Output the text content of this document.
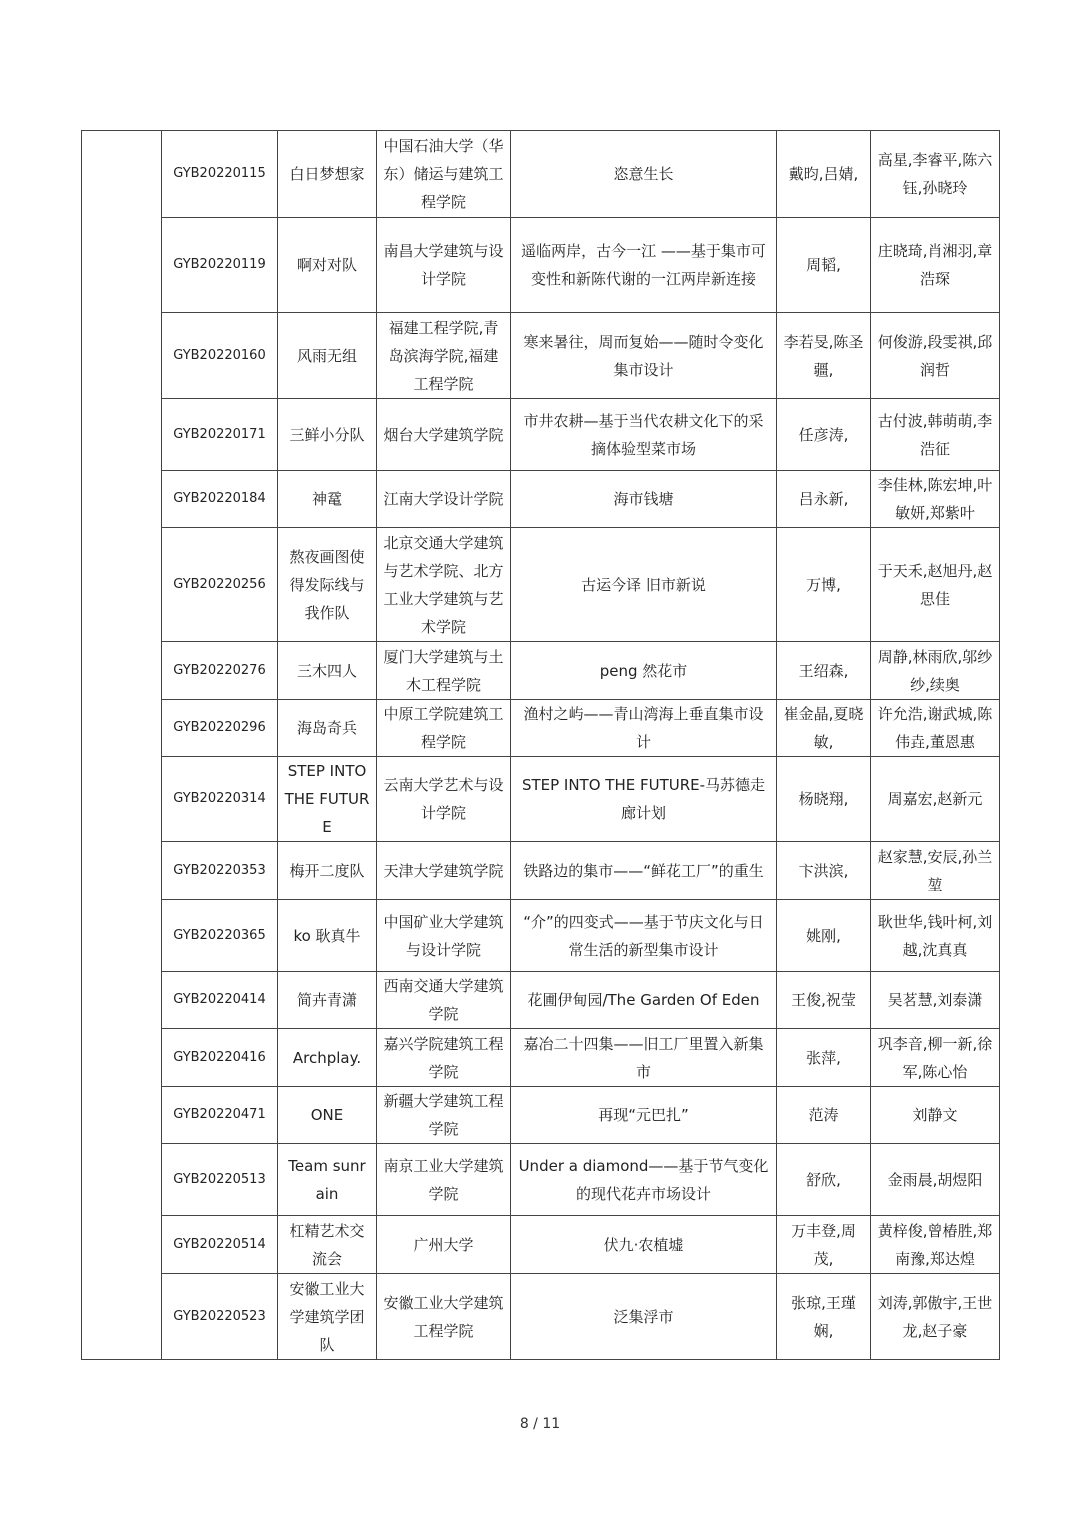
	GYB20220115	白日梦想家	中国石油大学（华东）储运与建筑工程学院	恣意生长	戴昀,吕婧,	高星,李睿平,陈六钰,孙晓玲
	GYB20220119	啊对对队	南昌大学建筑与设计学院	遥临两岸，古今一江 ——基于集市可变性和新陈代谢的一江两岸新连接	周韬,	庄晓琦,肖湘羽,章浩琛
	GYB20220160	风雨无组	福建工程学院,青岛滨海学院,福建工程学院	寒来暑往，周而复始——随时令变化集市设计	李若旻,陈圣疆,	何俊游,段雯祺,邱润哲
	GYB20220171	三鲜小分队	烟台大学建筑学院	市井农耕—基于当代农耕文化下的采摘体验型菜市场	任彦涛,	古付波,韩萌萌,李浩征
	GYB20220184	神鼋	江南大学设计学院	海市钱塘	吕永新,	李佳林,陈宏坤,叶敏妍,郑紫叶
	GYB20220256	熬夜画图使得发际线与我作队	北京交通大学建筑与艺术学院、北方工业大学建筑与艺术学院	古运今译 旧市新说	万博,	于天禾,赵旭丹,赵思佳
	GYB20220276	三木四人	厦门大学建筑与土木工程学院	peng 然花市	王绍森,	周静,林雨欣,邬纱纱,续奥
	GYB20220296	海岛奇兵	中原工学院建筑工程学院	渔村之屿——青山湾海上垂直集市设计	崔金晶,夏晓敏,	许允浩,谢武城,陈伟垚,董恩惠
	GYB20220314	STEP INTO THE FUTURE	云南大学艺术与设计学院	STEP INTO THE FUTURE-马苏德走廊计划	杨晓翔,	周嘉宏,赵新元
	GYB20220353	梅开二度队	天津大学建筑学院	铁路边的集市——“鲜花工厂”的重生	卞洪滨,	赵家慧,安辰,孙兰堃
	GYB20220365	ko 耿真牛	中国矿业大学建筑与设计学院	“介”的四变式——基于节庆文化与日常生活的新型集市设计	姚刚,	耿世华,钱叶柯,刘越,沈真真
	GYB20220414	简卉青潇	西南交通大学建筑学院	花圃伊甸园/The Garden Of Eden	王俊,祝莹	吴茗慧,刘泰潇
	GYB20220416	Archplay.	嘉兴学院建筑工程学院	嘉冶二十四集——旧工厂里置入新集市	张萍,	巩李音,柳一新,徐军,陈心怡
	GYB20220471	ONE	新疆大学建筑工程学院	再现“元巴扎”	范涛	刘静文
	GYB20220513	Team sunrain	南京工业大学建筑学院	Under a diamond——基于节气变化的现代花卉市场设计	舒欣,	金雨晨,胡煜阳
	GYB20220514	杠精艺术交流会	广州大学	伏九·农植墟	万丰登,周茂,	黄梓俊,曾椿胜,郑南豫,郑达煌
	GYB20220523	安徽工业大学建筑学团队	安徽工业大学建筑工程学院	泛集浮市	张琼,王瑾娴,	刘涛,郭傲宇,王世龙,赵子豪
8 / 11
